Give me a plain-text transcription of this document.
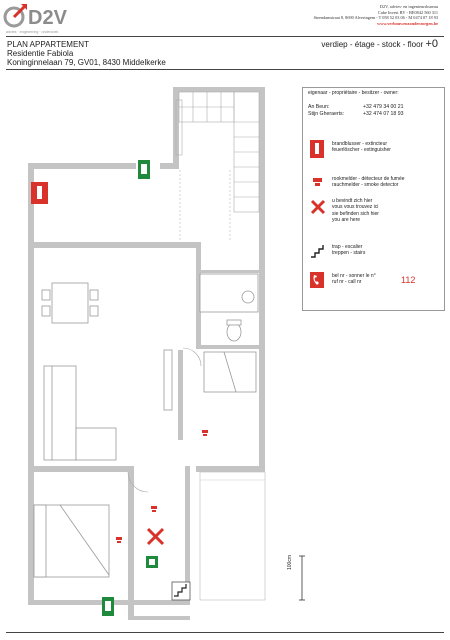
D2V
advies · engineering · onderzoek
D2V, advies- en ingenieursbureau
Cube Invest BV - BE0842 560 311
Steendamstraat 8, 8690 Alveringem - T 058 52 03 06 - M 0474 07 18 93
www.verbouwenzonderzorgen.be
PLAN APPARTEMENT
Residentie Fabiola
Koninginnelaan 79, GV01, 8430 Middelkerke
verdiep - étage - stock - floor +0
100cm
eigenaar - propriétaire - besitzer - owner:
An Beun:	+32 479 34 00 21
Stijn Gheraerts:	+32 474 07 18 93
brandblusser - extincteur
feuerlöscher - extinguisher
rookmelder - détecteur de fumée
rauchmelder - smoke detector
u bevindt zich hier
vous vous trouvez ici
sie befinden sich hier
you are here
trap - escalier
treppen - stairs
bel nr - sonner le n°
ruf nr - call nr	112
